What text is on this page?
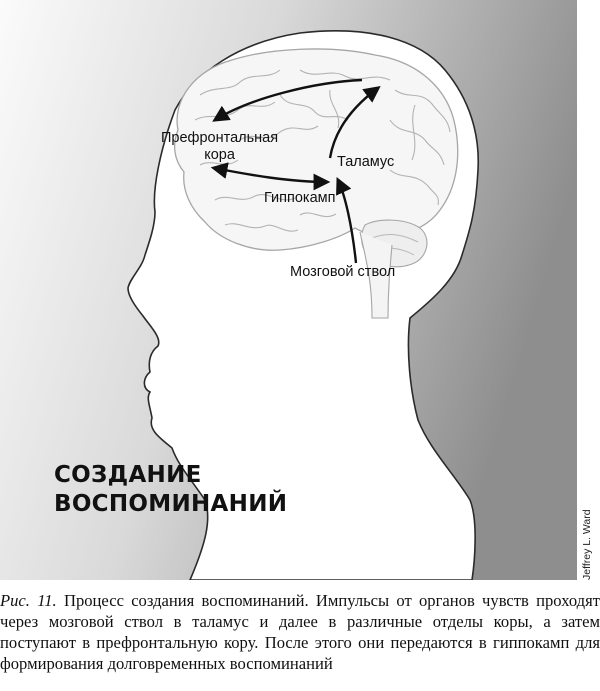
Префронтальная
кора	Таламус
Гиппокамп
Мозговой ствол
СОЗДАНИЕ
ВОСПОМИНАНИЙ
Jeffrey L. Ward
Рис. 11. Процесс создания воспоминаний. Импульсы от органов чувств проходят через мозговой ствол в таламус и далее в различные отделы коры, а затем поступают в префронтальную кору. После этого они передаются в гиппокамп для формирования долговременных воспоминаний
